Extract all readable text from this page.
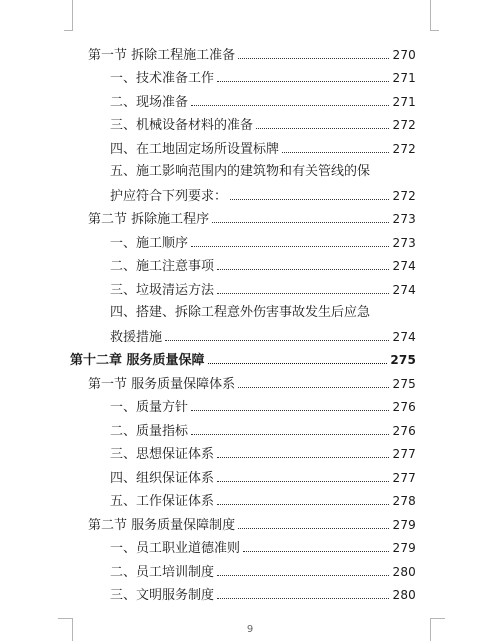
第一节 拆除工程施工准备	270
一、技术准备工作	271
二、现场准备	271
三、机械设备材料的准备	272
四、在工地固定场所设置标牌	272
五、施工影响范围内的建筑物和有关管线的保
护应符合下列要求：	272
第二节 拆除施工程序	273
一、施工顺序	273
二、施工注意事项	274
三、垃圾清运方法	274
四、搭建、拆除工程意外伤害事故发生后应急
救援措施	274
第十二章 服务质量保障	275
第一节 服务质量保障体系	275
一、质量方针	276
二、质量指标	276
三、思想保证体系	277
四、组织保证体系	277
五、工作保证体系	278
第二节 服务质量保障制度	279
一、员工职业道德准则	279
二、员工培训制度	280
三、文明服务制度	280
9
